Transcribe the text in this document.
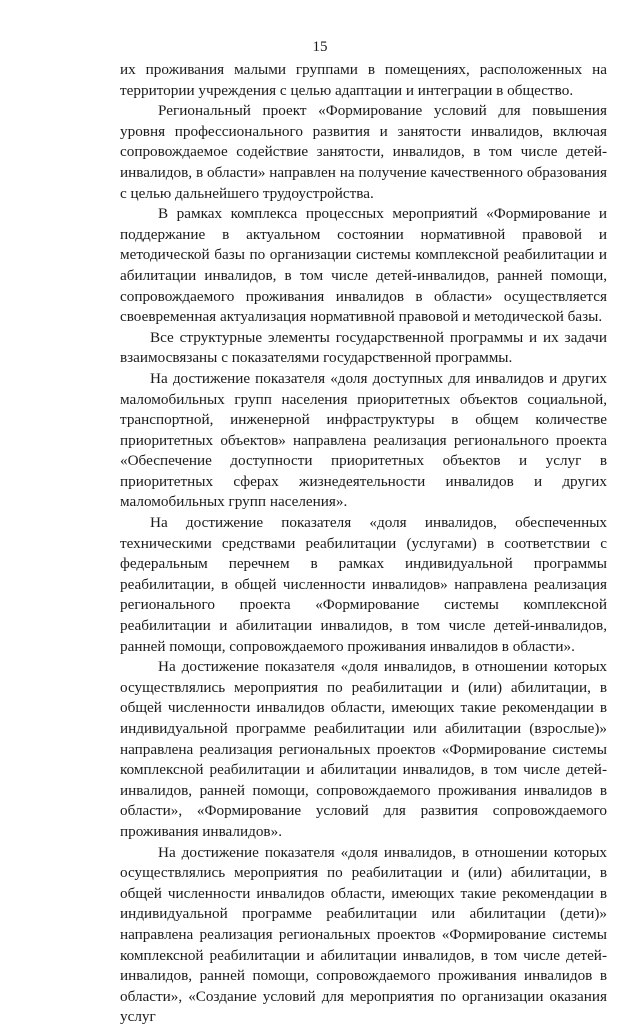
15

их проживания малыми группами в помещениях, расположенных на территории учреждения с целью адаптации и интеграции в общество.

Региональный проект «Формирование условий для повышения уровня профессионального развития и занятости инвалидов, включая сопровождаемое содействие занятости, инвалидов, в том числе детей-инвалидов, в области» направлен на получение качественного образования с целью дальнейшего трудоустройства.

В рамках комплекса процессных мероприятий «Формирование и поддержание в актуальном состоянии нормативной правовой и методической базы по организации системы комплексной реабилитации и абилитации инвалидов, в том числе детей-инвалидов, ранней помощи, сопровождаемого проживания инвалидов в области» осуществляется своевременная актуализация нормативной правовой и методической базы.

Все структурные элементы государственной программы и их задачи взаимосвязаны с показателями государственной программы.

На достижение показателя «доля доступных для инвалидов и других маломобильных групп населения приоритетных объектов социальной, транспортной, инженерной инфраструктуры в общем количестве приоритетных объектов» направлена реализация регионального проекта «Обеспечение доступности приоритетных объектов и услуг в приоритетных сферах жизнедеятельности инвалидов и других маломобильных групп населения».

На достижение показателя «доля инвалидов, обеспеченных техническими средствами реабилитации (услугами) в соответствии с федеральным перечнем в рамках индивидуальной программы реабилитации, в общей численности инвалидов» направлена реализация регионального проекта «Формирование системы комплексной реабилитации и абилитации инвалидов, в том числе детей-инвалидов, ранней помощи, сопровождаемого проживания инвалидов в области».

На достижение показателя «доля инвалидов, в отношении которых осуществлялись мероприятия по реабилитации и (или) абилитации, в общей численности инвалидов области, имеющих такие рекомендации в индивидуальной программе реабилитации или абилитации (взрослые)» направлена реализация региональных проектов «Формирование системы комплексной реабилитации и абилитации инвалидов, в том числе детей-инвалидов, ранней помощи, сопровождаемого проживания инвалидов в области», «Формирование условий для развития сопровождаемого проживания инвалидов».

На достижение показателя «доля инвалидов, в отношении которых осуществлялись мероприятия по реабилитации и (или) абилитации, в общей численности инвалидов области, имеющих такие рекомендации в индивидуальной программе реабилитации или абилитации (дети)» направлена реализация региональных проектов «Формирование системы комплексной реабилитации и абилитации инвалидов, в том числе детей-инвалидов, ранней помощи, сопровождаемого проживания инвалидов в области», «Создание условий для мероприятия по организации оказания услуг
